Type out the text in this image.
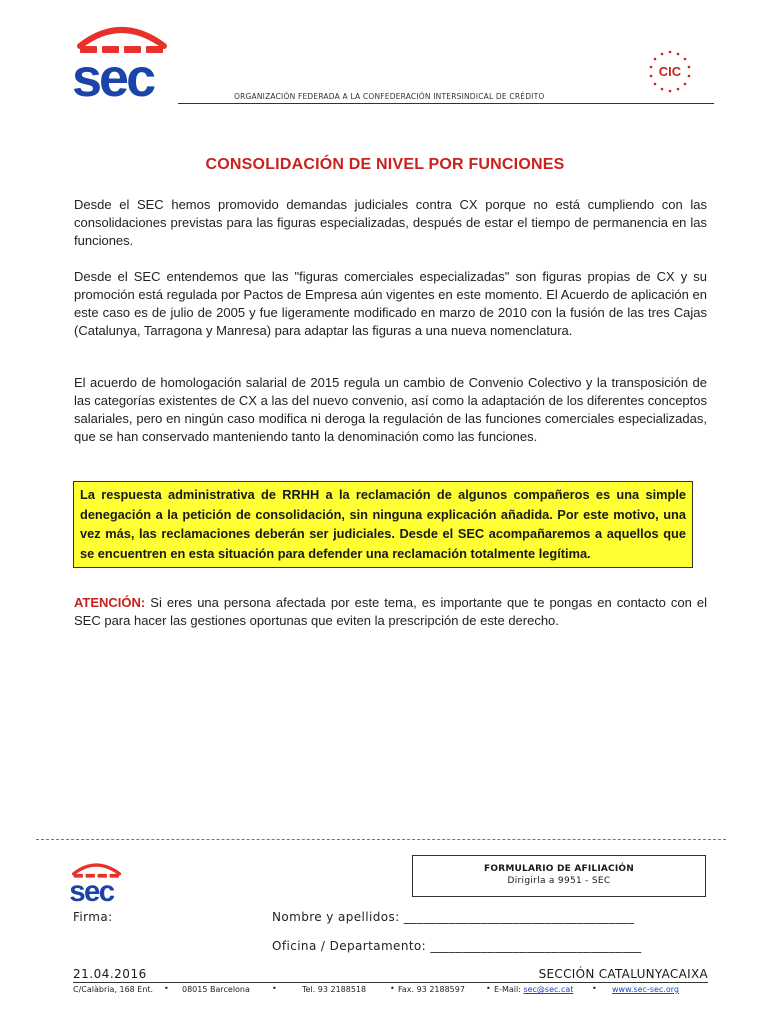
sec	CIC
ORGANIZACIÓN FEDERADA A LA CONFEDERACIÓN INTERSINDICAL DE CRÉDITO
CONSOLIDACIÓN DE NIVEL POR FUNCIONES
Desde el SEC hemos promovido demandas judiciales contra CX porque no está cumpliendo con las consolidaciones previstas para las figuras especializadas, después de estar el tiempo de permanencia en las funciones.
Desde el SEC entendemos que las "figuras comerciales especializadas" son figuras propias de CX y su promoción está regulada por Pactos de Empresa aún vigentes en este momento. El Acuerdo de aplicación en este caso es de julio de 2005 y fue ligeramente modificado en marzo de 2010 con la fusión de las tres Cajas (Catalunya, Tarragona y Manresa) para adaptar las figuras a una nueva nomenclatura.
El acuerdo de homologación salarial de 2015 regula un cambio de Convenio Colectivo y la transposición de las categorías existentes de CX a las del nuevo convenio, así como la adaptación de los diferentes conceptos salariales, pero en ningún caso modifica ni deroga la regulación de las funciones comerciales especializadas, que se han conservado manteniendo tanto la denominación como las funciones.
La respuesta administrativa de RRHH a la reclamación de algunos compañeros es una simple denegación a la petición de consolidación, sin ninguna explicación añadida. Por este motivo, una vez más, las reclamaciones deberán ser judiciales. Desde el SEC acompañaremos a aquellos que se encuentren en esta situación para defender una reclamación totalmente legítima.
ATENCIÓN: Si eres una persona afectada por este tema, es importante que te pongas en contacto con el SEC para hacer las gestiones oportunas que eviten la prescripción de este derecho.
sec
FORMULARIO DE AFILIACIÓN
Dirigirla a 9951 - SEC
Firma:	Nombre y apellidos: ____________________________________
Oficina / Departamento: _________________________________
21.04.2016	SECCIÓN CATALUNYACAIXA
C/Calàbria, 168 Ent. • 08015 Barcelona	•	Tel. 93 2188518	• Fax. 93 2188597	• E-Mail: sec@sec.cat • www.sec-sec.org
